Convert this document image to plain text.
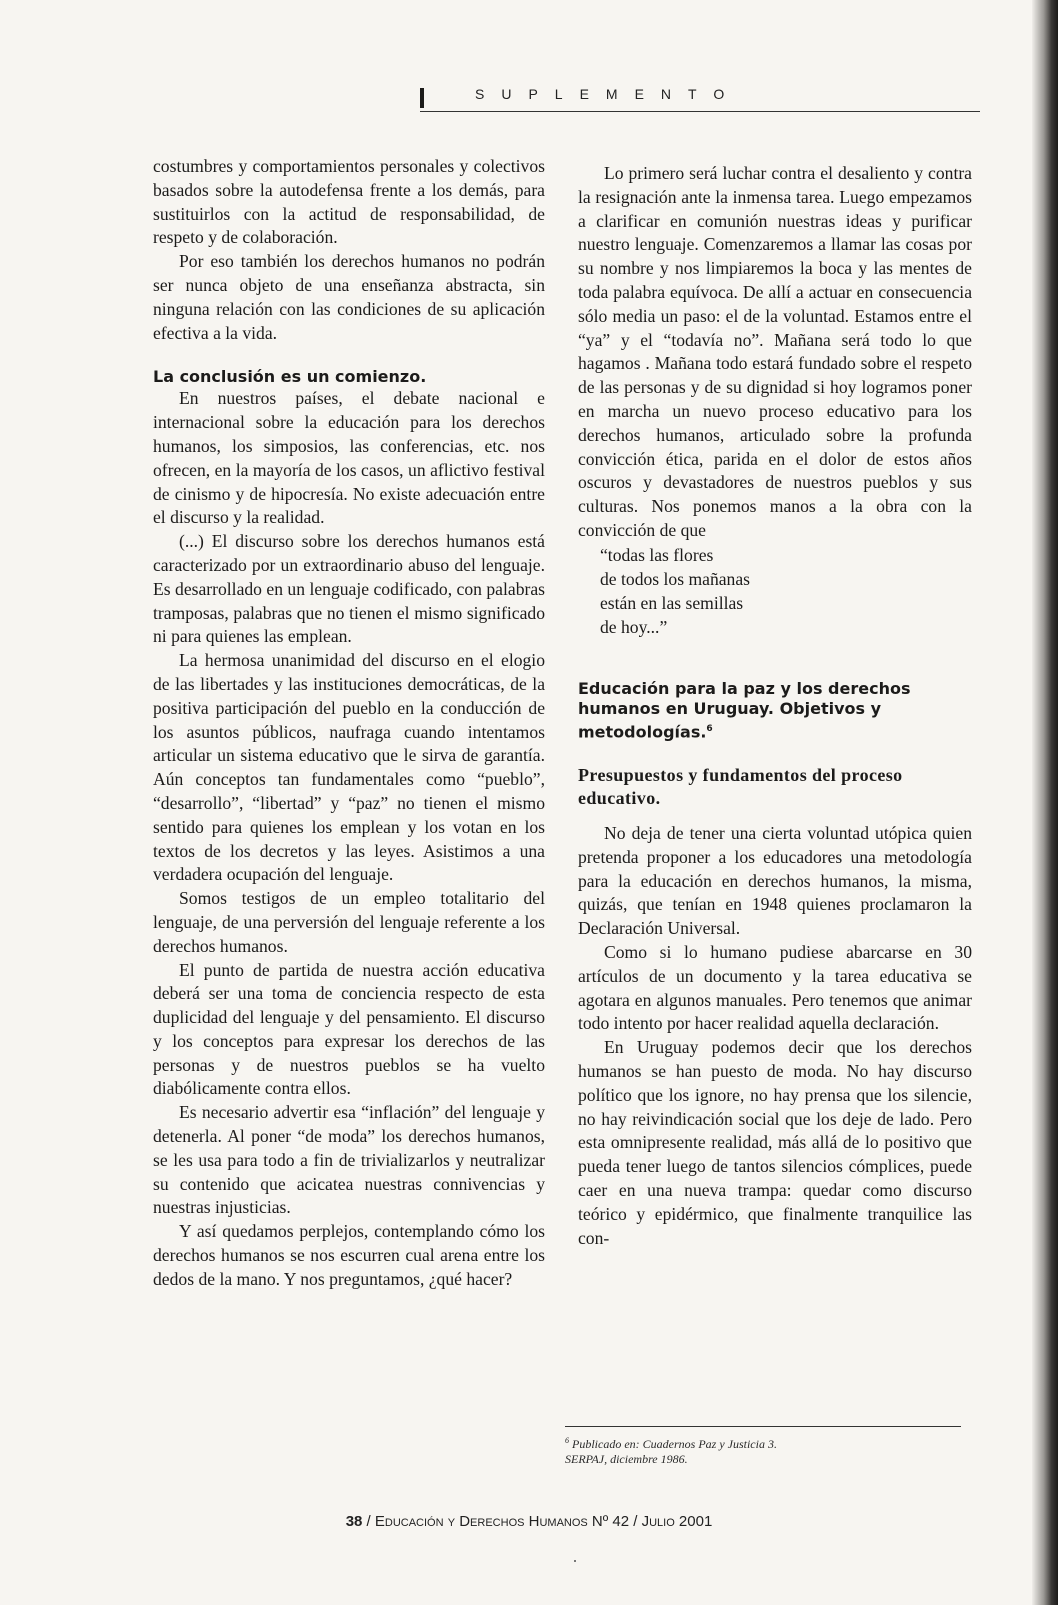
SUPLEMENTO

costumbres y comportamientos personales y colectivos basados sobre la autodefensa frente a los demás, para sustituirlos con la actitud de responsabilidad, de respeto y de colaboración.

Por eso también los derechos humanos no podrán ser nunca objeto de una enseñanza abstracta, sin ninguna relación con las condiciones de su aplicación efectiva a la vida.

La conclusión es un comienzo.

En nuestros países, el debate nacional e internacional sobre la educación para los derechos humanos, los simposios, las conferencias, etc. nos ofrecen, en la mayoría de los casos, un aflictivo festival de cinismo y de hipocresía. No existe adecuación entre el discurso y la realidad.

(...) El discurso sobre los derechos humanos está caracterizado por un extraordinario abuso del lenguaje. Es desarrollado en un lenguaje codificado, con palabras tramposas, palabras que no tienen el mismo significado ni para quienes las emplean.

La hermosa unanimidad del discurso en el elogio de las libertades y las instituciones democráticas, de la positiva participación del pueblo en la conducción de los asuntos públicos, naufraga cuando intentamos articular un sistema educativo que le sirva de garantía. Aún conceptos tan fundamentales como “pueblo”, “desarrollo”, “libertad” y “paz” no tienen el mismo sentido para quienes los emplean y los votan en los textos de los decretos y las leyes. Asistimos a una verdadera ocupación del lenguaje.

Somos testigos de un empleo totalitario del lenguaje, de una perversión del lenguaje referente a los derechos humanos.

El punto de partida de nuestra acción educativa deberá ser una toma de conciencia respecto de esta duplicidad del lenguaje y del pensamiento. El discurso y los conceptos para expresar los derechos de las personas y de nuestros pueblos se ha vuelto diabólicamente contra ellos.

Es necesario advertir esa “inflación” del lenguaje y detenerla. Al poner “de moda” los derechos humanos, se les usa para todo a fin de trivializarlos y neutralizar su contenido que acicatea nuestras connivencias y nuestras injusticias.

Y así quedamos perplejos, contemplando cómo los derechos humanos se nos escurren cual arena entre los dedos de la mano. Y nos preguntamos, ¿qué hacer?

Lo primero será luchar contra el desaliento y contra la resignación ante la inmensa tarea. Luego empezamos a clarificar en comunión nuestras ideas y purificar nuestro lenguaje. Comenzaremos a llamar las cosas por su nombre y nos limpiaremos la boca y las mentes de toda palabra equívoca. De allí a actuar en consecuencia sólo media un paso: el de la voluntad. Estamos entre el “ya” y el “todavía no”. Mañana será todo lo que hagamos . Mañana todo estará fundado sobre el respeto de las personas y de su dignidad si hoy logramos poner en marcha un nuevo proceso educativo para los derechos humanos, articulado sobre la profunda convicción ética, parida en el dolor de estos años oscuros y devastadores de nuestros pueblos y sus culturas. Nos ponemos manos a la obra con la convicción de que

“todas las flores
de todos los mañanas
están en las semillas
de hoy...”
Educación para la paz y los derechos humanos en Uruguay. Objetivos y metodologías.$^6$
Presupuestos y fundamentos del proceso educativo.

No deja de tener una cierta voluntad utópica quien pretenda proponer a los educadores una metodología para la educación en derechos humanos, la misma, quizás, que tenían en 1948 quienes proclamaron la Declaración Universal.

Como si lo humano pudiese abarcarse en 30 artículos de un documento y la tarea educativa se agotara en algunos manuales. Pero tenemos que animar todo intento por hacer realidad aquella declaración.

En Uruguay podemos decir que los derechos humanos se han puesto de moda. No hay discurso político que los ignore, no hay prensa que los silencie, no hay reivindicación social que los deje de lado. Pero esta omnipresente realidad, más allá de lo positivo que pueda tener luego de tantos silencios cómplices, puede caer en una nueva trampa: quedar como discurso teórico y epidérmico, que finalmente tranquilice las con-

$^6$ Publicado en: Cuadernos Paz y Justicia 3.
SERPAJ, diciembre 1986.
38 / Educación y Derechos Humanos Nº 42 / Julio 2001
